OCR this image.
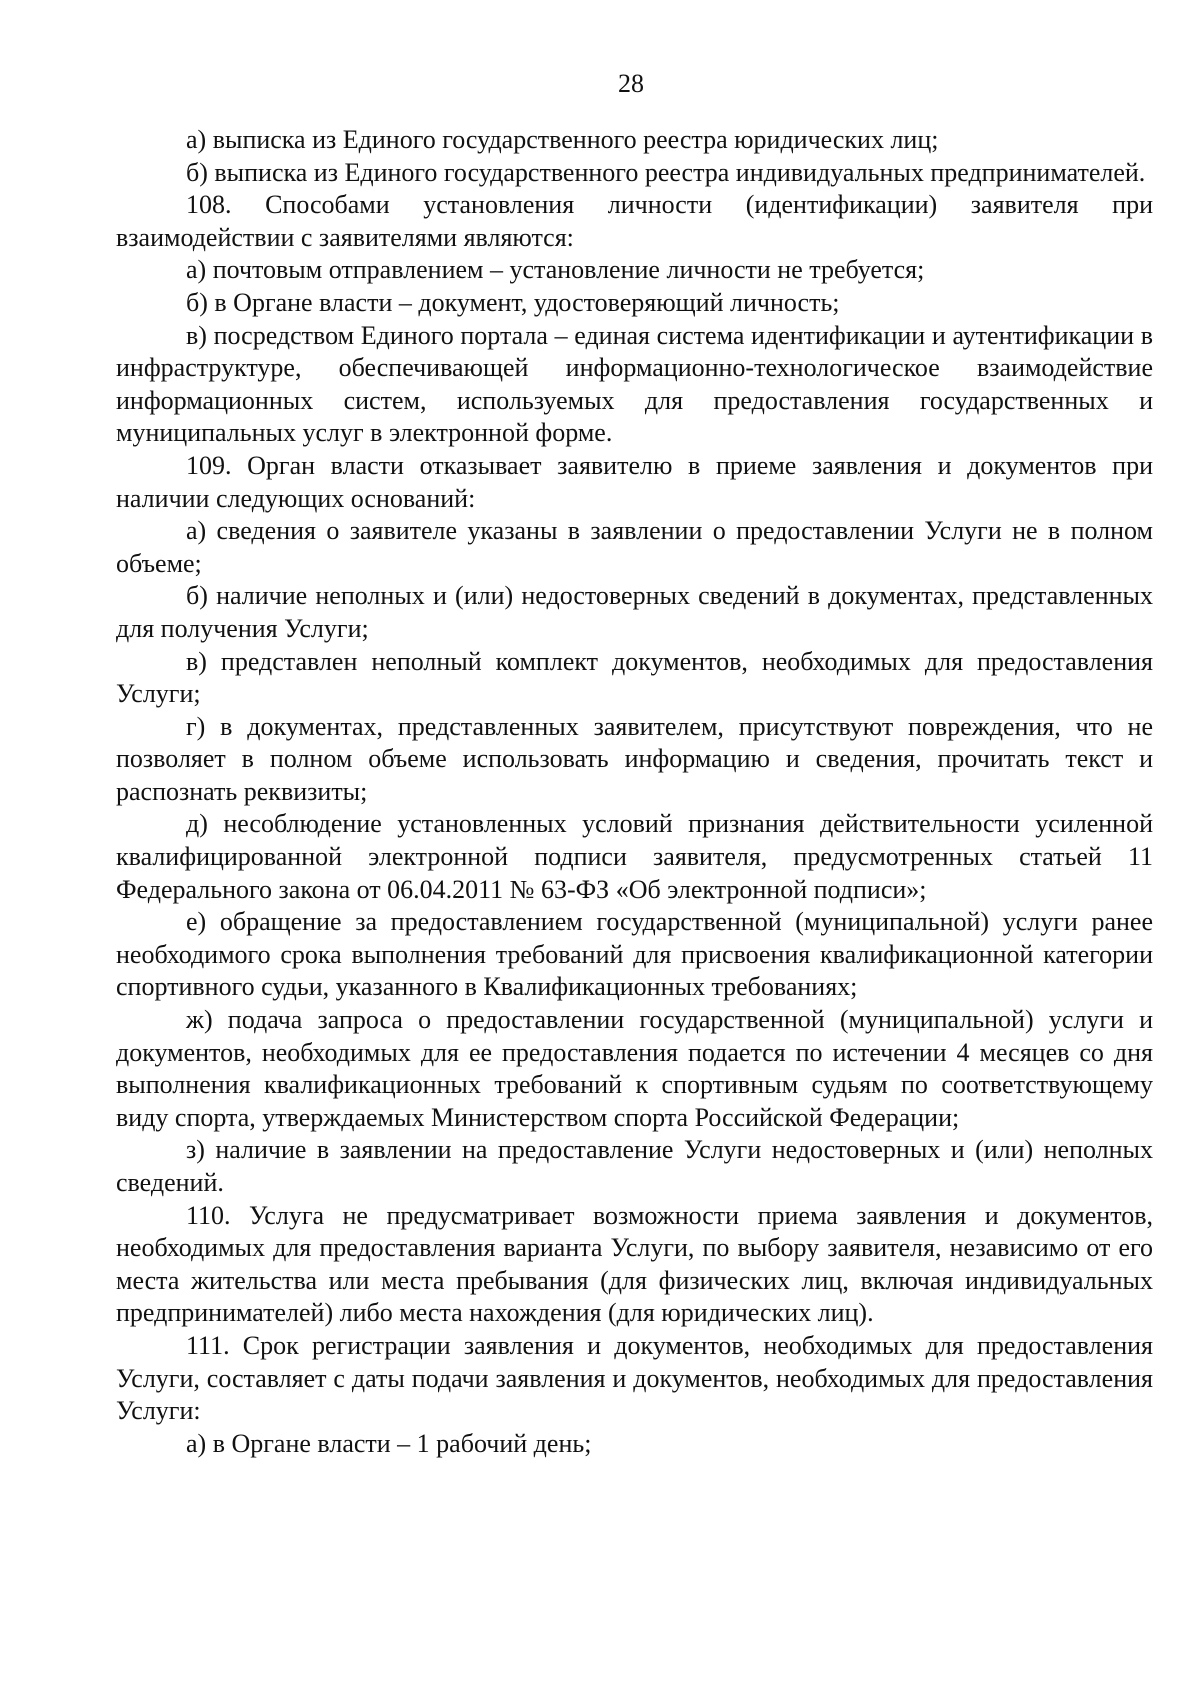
28

а) выписка из Единого государственного реестра юридических лиц;

б) выписка из Единого государственного реестра индивидуальных предпринимателей.

108. Способами установления личности (идентификации) заявителя при взаимодействии с заявителями являются:

а) почтовым отправлением – установление личности не требуется;

б) в Органе власти – документ, удостоверяющий личность;

в) посредством Единого портала – единая система идентификации и аутентификации в инфраструктуре, обеспечивающей информационно-технологическое взаимодействие информационных систем, используемых для предоставления государственных и муниципальных услуг в электронной форме.

109. Орган власти отказывает заявителю в приеме заявления и документов при наличии следующих оснований:

а) сведения о заявителе указаны в заявлении о предоставлении Услуги не в полном объеме;

б) наличие неполных и (или) недостоверных сведений в документах, представленных для получения Услуги;

в) представлен неполный комплект документов, необходимых для предоставления Услуги;

г) в документах, представленных заявителем, присутствуют повреждения, что не позволяет в полном объеме использовать информацию и сведения, прочитать текст и распознать реквизиты;

д) несоблюдение установленных условий признания действительности усиленной квалифицированной электронной подписи заявителя, предусмотренных статьей 11 Федерального закона от 06.04.2011 № 63-ФЗ «Об электронной подписи»;

е) обращение за предоставлением государственной (муниципальной) услуги ранее необходимого срока выполнения требований для присвоения квалификационной категории спортивного судьи, указанного в Квалификационных требованиях;

ж) подача запроса о предоставлении государственной (муниципальной) услуги и документов, необходимых для ее предоставления подается по истечении 4 месяцев со дня выполнения квалификационных требований к спортивным судьям по соответствующему виду спорта, утверждаемых Министерством спорта Российской Федерации;

з) наличие в заявлении на предоставление Услуги недостоверных и (или) неполных сведений.

110. Услуга не предусматривает возможности приема заявления и документов, необходимых для предоставления варианта Услуги, по выбору заявителя, независимо от его места жительства или места пребывания (для физических лиц, включая индивидуальных предпринимателей) либо места нахождения (для юридических лиц).

111. Срок регистрации заявления и документов, необходимых для предоставления Услуги, составляет с даты подачи заявления и документов, необходимых для предоставления Услуги:

а) в Органе власти – 1 рабочий день;
